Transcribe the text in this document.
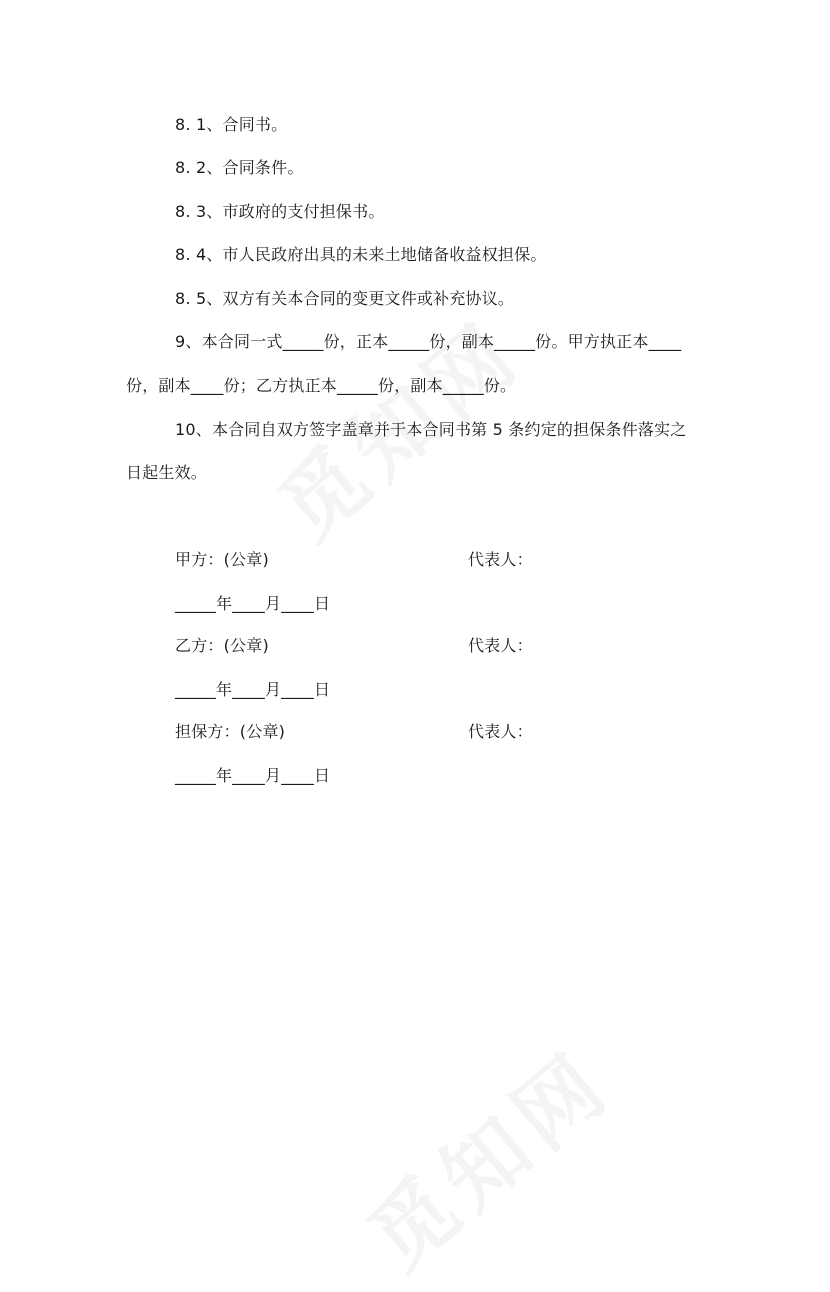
8. 1、合同书。
8. 2、合同条件。
8. 3、市政府的支付担保书。
8. 4、市人民政府出具的未来土地储备收益权担保。
8. 5、双方有关本合同的变更文件或补充协议。
9、本合同一式_____份，正本_____份，副本_____份。甲方执正本____
份，副本____份；乙方执正本_____份，副本_____份。
10、本合同自双方签字盖章并于本合同书第 5 条约定的担保条件落实之
日起生效。
甲方：(公章)	代表人：
_____年____月____日
乙方：(公章)	代表人：
_____年____月____日
担保方：(公章)	代表人：
_____年____月____日
